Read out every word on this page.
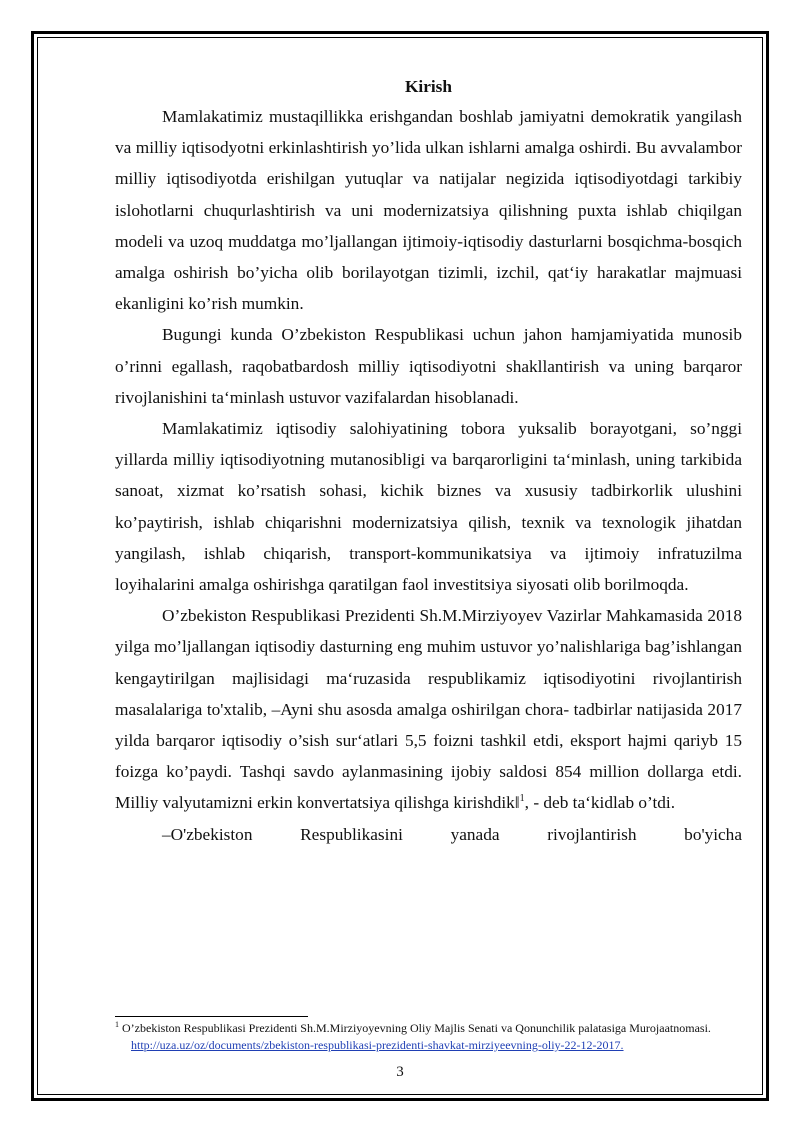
Kirish

Mamlakatimiz mustaqillikka erishgandan boshlab jamiyatni demokratik yangilash va milliy iqtisodyotni erkinlashtirish yo’lida ulkan ishlarni amalga oshirdi. Bu avvalambor milliy iqtisodiyotda erishilgan yutuqlar va natijalar negizida iqtisodiyotdagi tarkibiy islohotlarni chuqurlashtirish va uni modernizatsiya qilishning puxta ishlab chiqilgan modeli va uzoq muddatga mo’ljallangan ijtimoiy-iqtisodiy dasturlarni bosqichma-bosqich amalga oshirish bo’yicha olib borilayotgan tizimli, izchil, qat‘iy harakatlar majmuasi ekanligini ko’rish mumkin.

Bugungi kunda O’zbekiston Respublikasi uchun jahon hamjamiyatida munosib o’rinni egallash, raqobatbardosh milliy iqtisodiyotni shakllantirish va uning barqaror rivojlanishini ta‘minlash ustuvor vazifalardan hisoblanadi.

Mamlakatimiz iqtisodiy salohiyatining tobora yuksalib borayotgani, so’nggi yillarda milliy iqtisodiyotning mutanosibligi va barqarorligini ta‘minlash, uning tarkibida sanoat, xizmat ko’rsatish sohasi, kichik biznes va xususiy tadbirkorlik ulushini ko’paytirish, ishlab chiqarishni modernizatsiya qilish, texnik va texnologik jihatdan yangilash, ishlab chiqarish, transport-kommunikatsiya va ijtimoiy infratuzilma loyihalarini amalga oshirishga qaratilgan faol investitsiya siyosati olib borilmoqda.

O’zbekiston Respublikasi Prezidenti Sh.M.Mirziyoyev Vazirlar Mahkamasida 2018 yilga mo’ljallangan iqtisodiy dasturning eng muhim ustuvor yo’nalishlariga bag’ishlangan kengaytirilgan majlisidagi ma‘ruzasida respublikamiz iqtisodiyotini rivojlantirish masalalariga to'xtalib, –Ayni shu asosda amalga oshirilgan chora- tadbirlar natijasida 2017 yilda barqaror iqtisodiy o’sish sur‘atlari 5,5 foizni tashkil etdi, eksport hajmi qariyb 15 foizga ko’paydi. Tashqi savdo aylanmasining ijobiy saldosi 854 million dollarga etdi. Milliy valyutamizni erkin konvertatsiya qilishga kirishdik‖$^1$, - deb ta‘kidlab o’tdi.

–O'zbekiston Respublikasini yanada rivojlantirish bo'yicha

$^1$ O’zbekiston Respublikasi Prezidenti Sh.M.Mirziyoyevning Oliy Majlis Senati va Qonunchilik palatasiga Murojaatnomasi. http://uza.uz/oz/documents/zbekiston-respublikasi-prezidenti-shavkat-mirziyeevning-oliy-22-12-2017.
3
